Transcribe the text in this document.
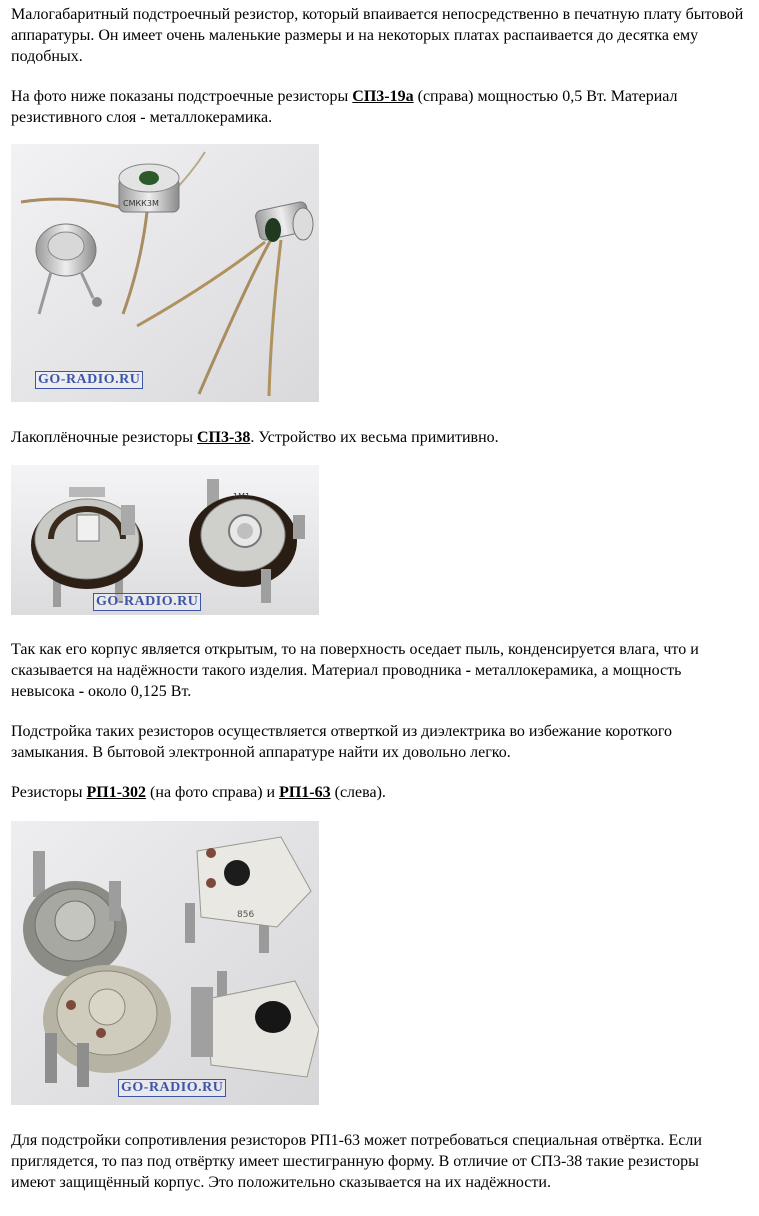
Малогабаритный подстроечный резистор, который впаивается непосредственно в печатную плату бытовой аппаратуры. Он имеет очень маленькие размеры и на некоторых платах распаивается до десятка ему подобных.

На фото ниже показаны подстроечные резисторы СП3-19а (справа) мощностью 0,5 Вт. Материал резистивного слоя - металлокерамика.

СМКК3М
GO-RADIO.RU

Лакоплёночные резисторы СП3-38. Устройство их весьма примитивно.

1М1
GO-RADIO.RU

Так как его корпус является открытым, то на поверхность оседает пыль, конденсируется влага, что и сказывается на надёжности такого изделия. Материал проводника - металлокерамика, а мощность невысока - около 0,125 Вт.

Подстройка таких резисторов осуществляется отверткой из диэлектрика во избежание короткого замыкания. В бытовой электронной аппаратуре найти их довольно легко.

Резисторы РП1-302 (на фото справа) и РП1-63 (слева).

856
GO-RADIO.RU

Для подстройки сопротивления резисторов РП1-63 может потребоваться специальная отвёртка. Если приглядется, то паз под отвёртку имеет шестигранную форму. В отличие от СП3-38 такие резисторы имеют защищённый корпус. Это положительно сказывается на их надёжности.
